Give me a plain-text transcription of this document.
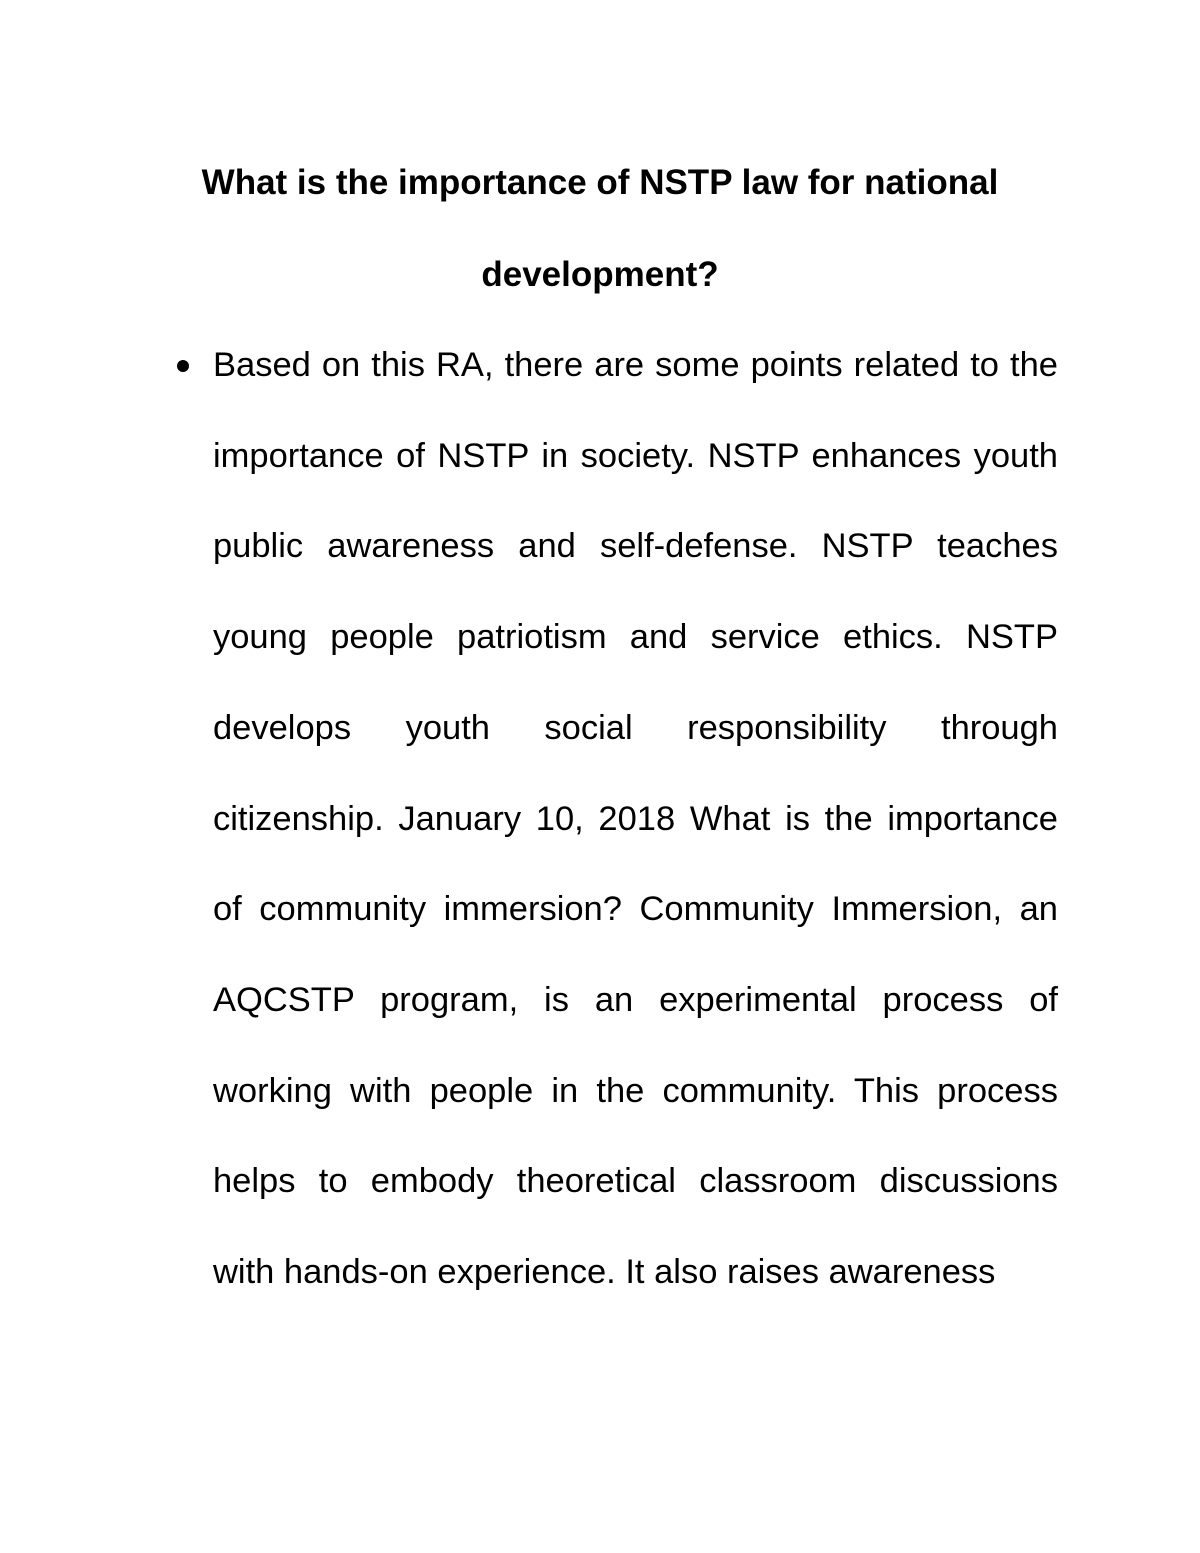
What is the importance of NSTP law for national
development?

Based on this RA, there are some points related to the importance of NSTP in society. NSTP enhances youth public awareness and self-defense. NSTP teaches young people patriotism and service ethics. NSTP develops youth social responsibility through citizenship. January 10, 2018 What is the importance of community immersion? Community Immersion, an AQCSTP program, is an experimental process of working with people in the community. This process helps to embody theoretical classroom discussions with hands-on experience. It also raises awareness
